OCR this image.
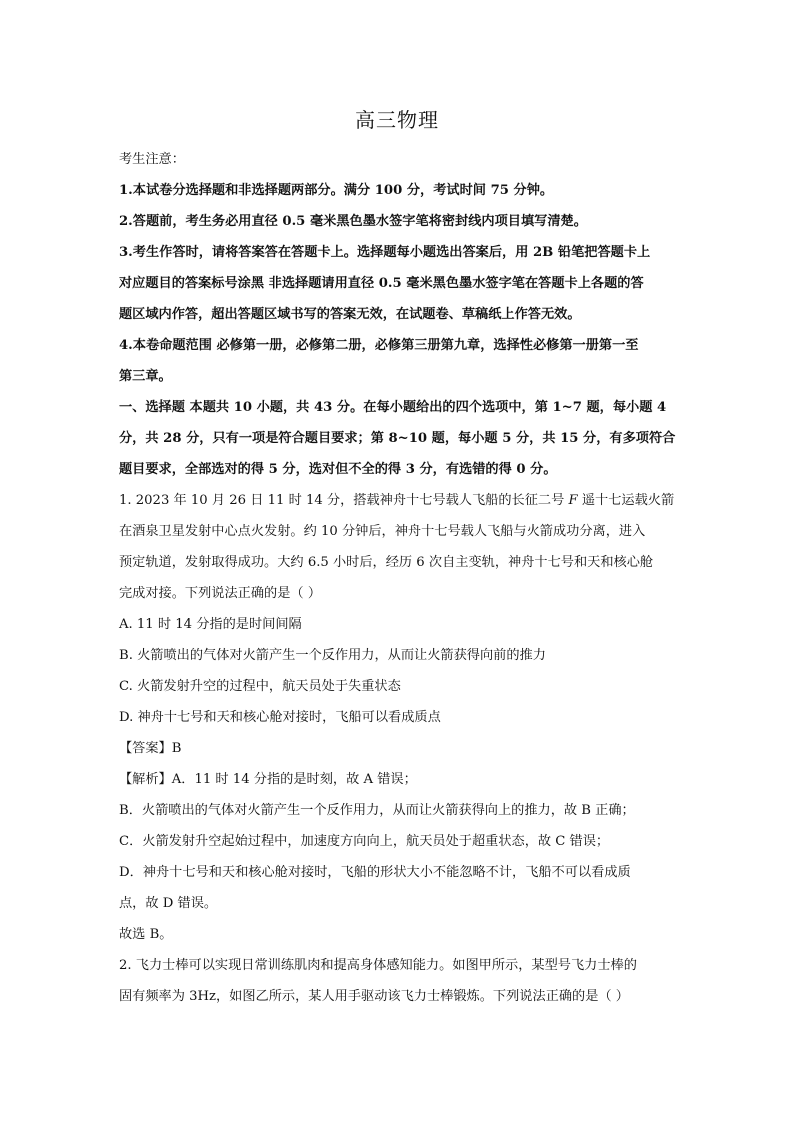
高三物理
考生注意：
1.本试卷分选择题和非选择题两部分。满分 100 分，考试时间 75 分钟。
2.答题前，考生务必用直径 0.5 毫米黑色墨水签字笔将密封线内项目填写清楚。
3.考生作答时，请将答案答在答题卡上。选择题每小题选出答案后，用 2B 铅笔把答题卡上
对应题目的答案标号涂黑 非选择题请用直径 0.5 毫米黑色墨水签字笔在答题卡上各题的答
题区域内作答，超出答题区域书写的答案无效，在试题卷、草稿纸上作答无效。
4.本卷命题范围 必修第一册，必修第二册，必修第三册第九章，选择性必修第一册第一至
第三章。
一、选择题 本题共 10 小题，共 43 分。在每小题给出的四个选项中，第 1~7 题，每小题 4
分，共 28 分，只有一项是符合题目要求；第 8~10 题，每小题 5 分，共 15 分，有多项符合
题目要求，全部选对的得 5 分，选对但不全的得 3 分，有选错的得 0 分。
1. 2023 年 10 月 26 日 11 时 14 分，搭载神舟十七号载人飞船的长征二号 F 遥十七运载火箭
在酒泉卫星发射中心点火发射。约 10 分钟后，神舟十七号载人飞船与火箭成功分离，进入
预定轨道，发射取得成功。大约 6.5 小时后，经历 6 次自主变轨，神舟十七号和天和核心舱
完成对接。下列说法正确的是（ ）
A. 11 时 14 分指的是时间间隔
B. 火箭喷出的气体对火箭产生一个反作用力，从而让火箭获得向前的推力
C. 火箭发射升空的过程中，航天员处于失重状态
D. 神舟十七号和天和核心舱对接时，飞船可以看成质点
【答案】B
【解析】A．11 时 14 分指的是时刻，故 A 错误；
B．火箭喷出的气体对火箭产生一个反作用力，从而让火箭获得向上的推力，故 B 正确；
C．火箭发射升空起始过程中，加速度方向向上，航天员处于超重状态，故 C 错误；
D．神舟十七号和天和核心舱对接时，飞船的形状大小不能忽略不计，飞船不可以看成质
点，故 D 错误。
故选 B。
2. 飞力士棒可以实现日常训练肌肉和提高身体感知能力。如图甲所示，某型号飞力士棒的
固有频率为 3Hz，如图乙所示，某人用手驱动该飞力士棒锻炼。下列说法正确的是（ ）
